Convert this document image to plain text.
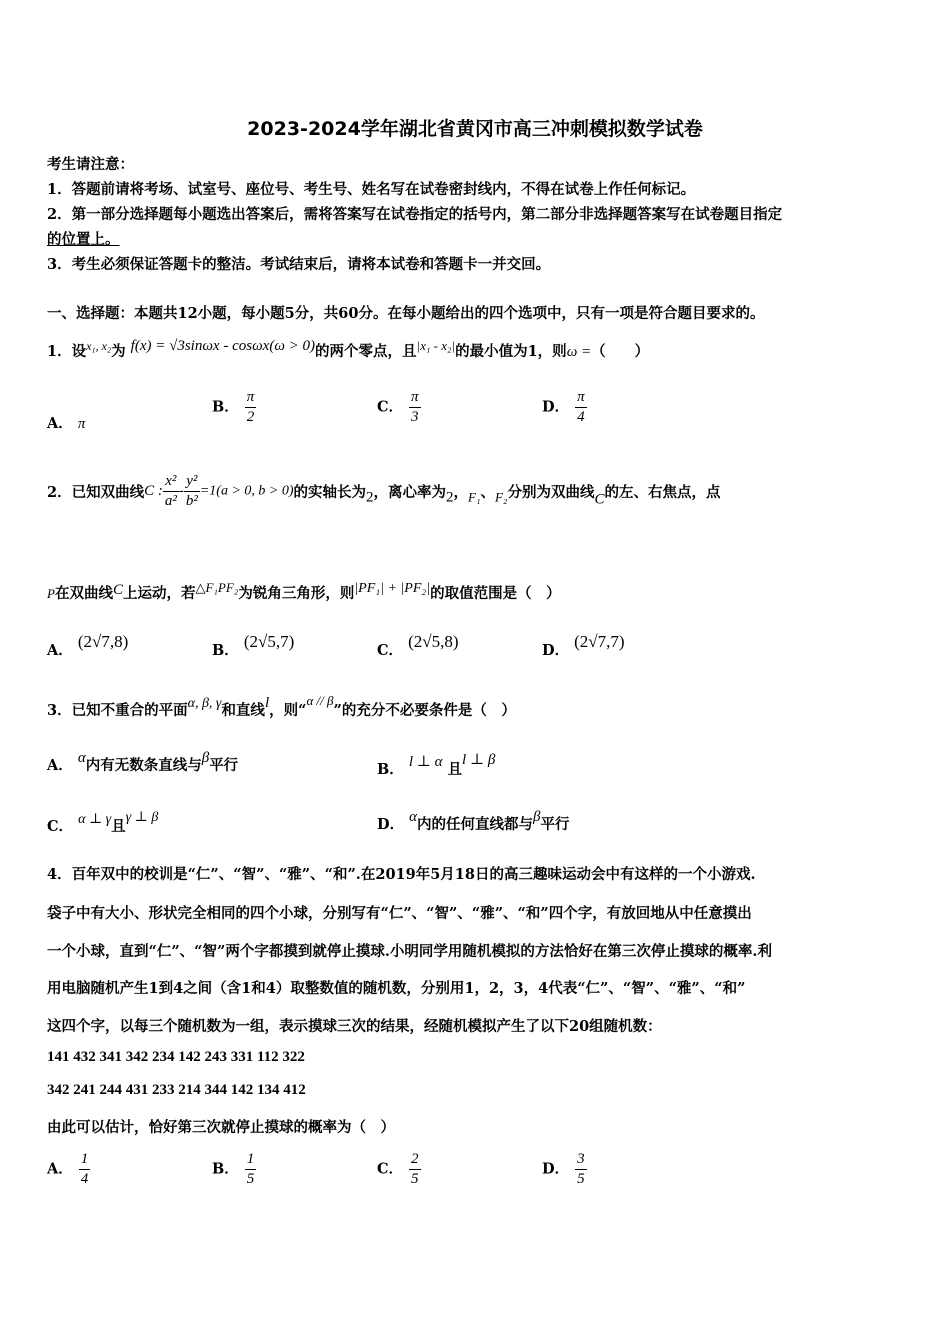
2023-2024学年湖北省黄冈市高三冲刺模拟数学试卷
考生请注意：
1．答题前请将考场、试室号、座位号、考生号、姓名写在试卷密封线内，不得在试卷上作任何标记。
2．第一部分选择题每小题选出答案后，需将答案写在试卷指定的括号内，第二部分非选择题答案写在试卷题目指定
的位置上。
3．考生必须保证答题卡的整洁。考试结束后，请将本试卷和答题卡一并交回。
一、选择题：本题共12小题，每小题5分，共60分。在每小题给出的四个选项中，只有一项是符合题目要求的。
1．设$^{x_1, x_2}$为 f(x) = √3sinωx - cosωx(ω > 0)的两个零点，且|x₁ - x₂|的最小值为1，则ω =（　　）
A． π
B． $\frac{\pi}{2}$	C． $\frac{\pi}{3}$	D． $\frac{\pi}{4}$
2．已知双曲线C : $\frac{\text{x²}}{\text{a²}} - \frac{\text{y²}}{\text{b²}} =1(a > 0$, b > 0)的实轴长为2，离心率为2，F₁、F₂分别为双曲线C的左、右焦点，点
P在双曲线C上运动，若△F₁PF₂为锐角三角形，则|PF₁| + |PF₂|的取值范围是（　）
A． (2√7,8)	B． (2√5,7)	C． (2√5,8)	D． (2√7,7)
3．已知不重合的平面α, β, γ和直线l，则“α // β”的充分不必要条件是（　）
A． α内有无数条直线与β平行	B． l ⊥ α 且l ⊥ β
C． α ⊥ γ且γ ⊥ β	D． α内的任何直线都与β平行
4．百年双中的校训是“仁”、“智”、“雅”、“和”.在2019年5月18日的高三趣味运动会中有这样的一个小游戏.
袋子中有大小、形状完全相同的四个小球，分别写有“仁”、“智”、“雅”、“和”四个字，有放回地从中任意摸出
一个小球，直到“仁”、“智”两个字都摸到就停止摸球.小明同学用随机模拟的方法恰好在第三次停止摸球的概率.利
用电脑随机产生1到4之间（含1和4）取整数值的随机数，分别用1，2，3，4代表“仁”、“智”、“雅”、“和”
这四个字，以每三个随机数为一组，表示摸球三次的结果，经随机模拟产生了以下20组随机数：
141 432 341 342 234 142 243 331 112 322
342 241 244 431 233 214 344 142 134 412
由此可以估计，恰好第三次就停止摸球的概率为（　）
A． $\frac{1}{4}$	B． $\frac{1}{5}$	C． $\frac{2}{5}$	D． $\frac{3}{5}$
